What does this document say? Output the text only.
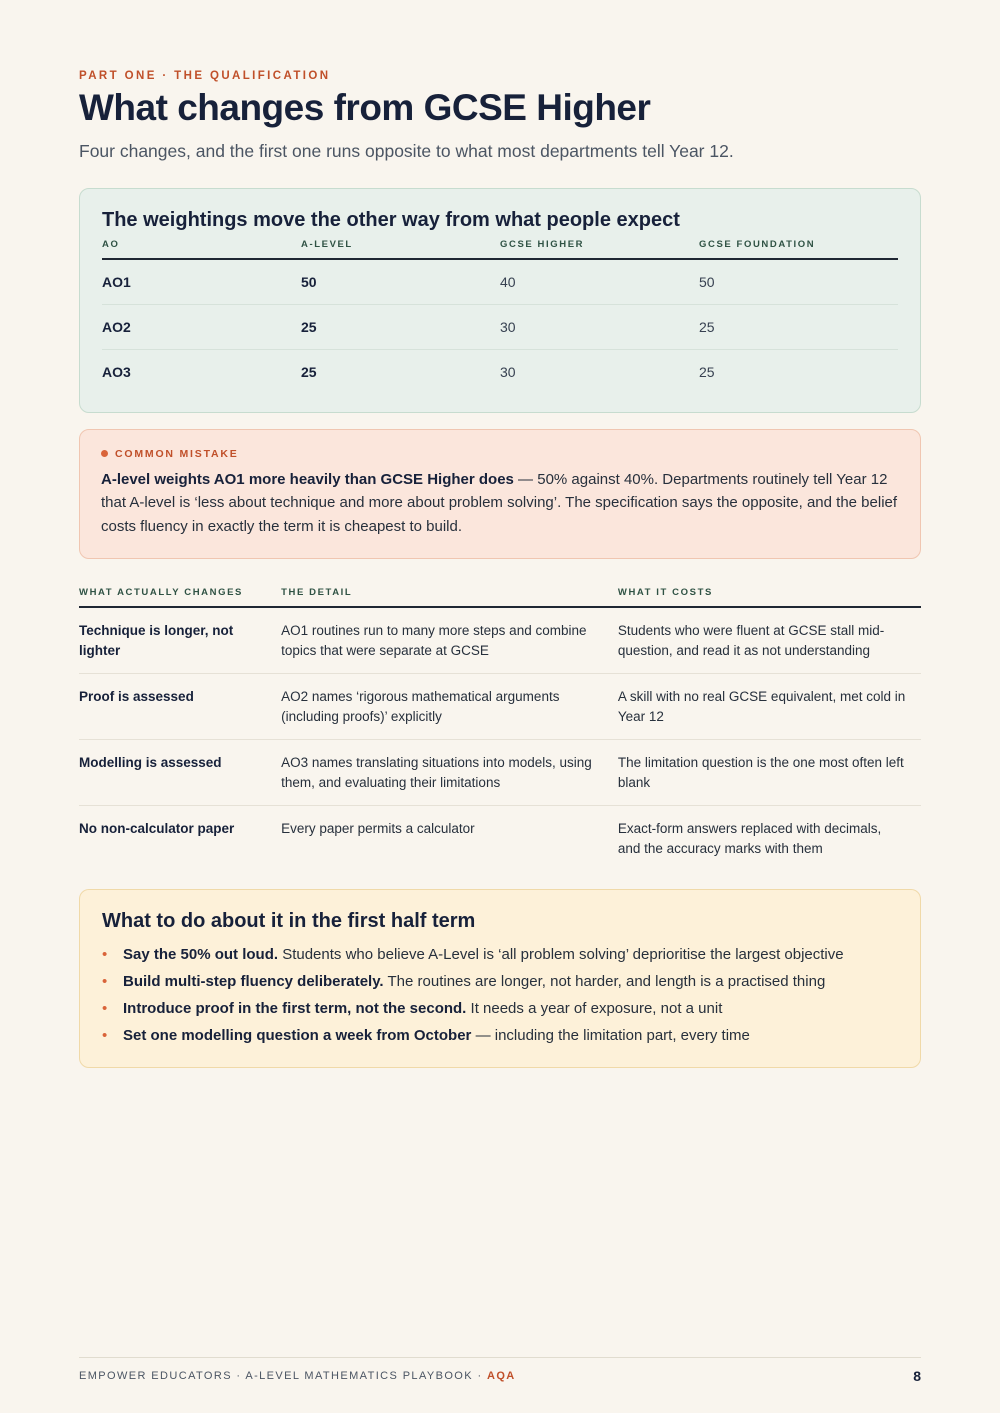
PART ONE · THE QUALIFICATION
What changes from GCSE Higher

Four changes, and the first one runs opposite to what most departments tell Year 12.

The weightings move the other way from what people expect
AO	A-LEVEL	GCSE HIGHER	GCSE FOUNDATION
AO1	50	40	50
AO2	25	30	25
AO3	25	30	25
COMMON MISTAKE

A-level weights AO1 more heavily than GCSE Higher does — 50% against 40%. Departments routinely tell Year 12 that A-level is ‘less about technique and more about problem solving’. The specification says the opposite, and the belief costs fluency in exactly the term it is cheapest to build.

WHAT ACTUALLY CHANGES	THE DETAIL	WHAT IT COSTS
Technique is longer, not lighter	AO1 routines run to many more steps and combine topics that were separate at GCSE	Students who were fluent at GCSE stall mid-question, and read it as not understanding
Proof is assessed	AO2 names ‘rigorous mathematical arguments (including proofs)’ explicitly	A skill with no real GCSE equivalent, met cold in Year 12
Modelling is assessed	AO3 names translating situations into models, using them, and evaluating their limitations	The limitation question is the one most often left blank
No non-calculator paper	Every paper permits a calculator	Exact-form answers replaced with decimals, and the accuracy marks with them
What to do about it in the first half term
• Say the 50% out loud. Students who believe A-Level is ‘all problem solving’ deprioritise the largest objective
• Build multi-step fluency deliberately. The routines are longer, not harder, and length is a practised thing
• Introduce proof in the first term, not the second. It needs a year of exposure, not a unit
• Set one modelling question a week from October — including the limitation part, every time
EMPOWER EDUCATORS · A-LEVEL MATHEMATICS PLAYBOOK · AQA	8
